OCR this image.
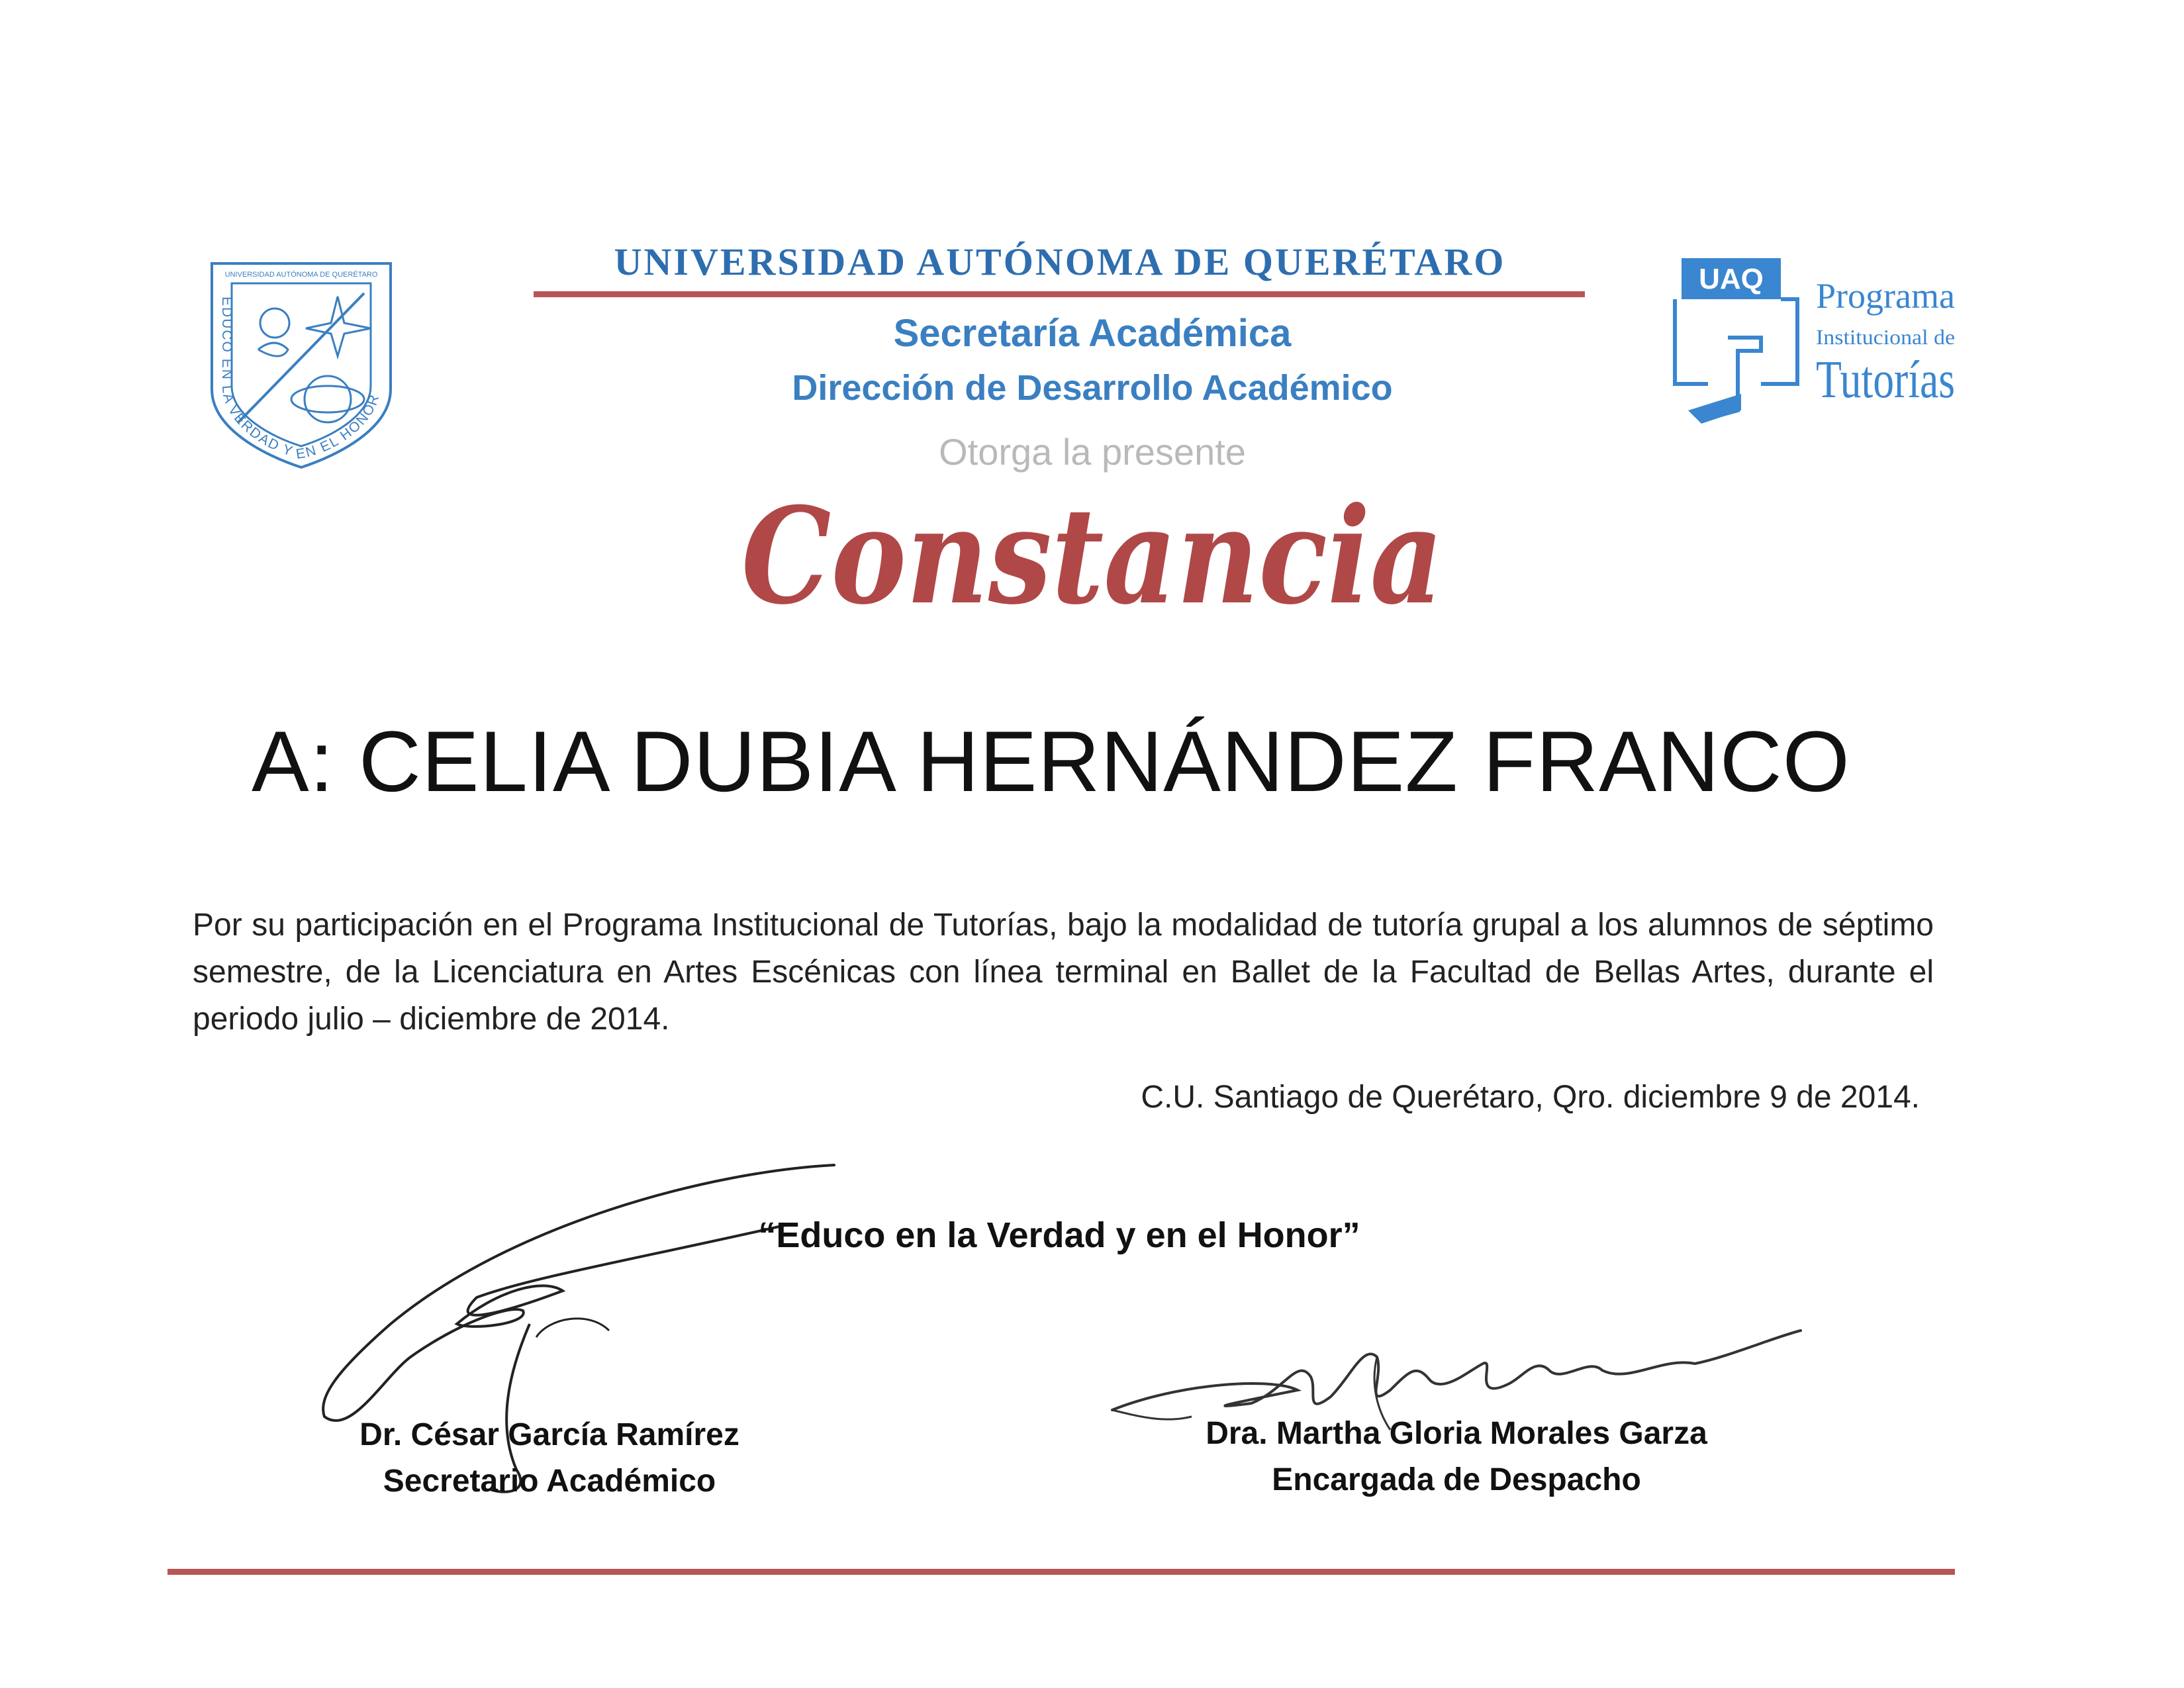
UNIVERSIDAD AUTÓNOMA DE QUERÉTARO
EDUCO EN LA VERDAD Y EN EL HONOR
UNIVERSIDAD AUTÓNOMA DE QUERÉTARO
Secretaría Académica
Dirección de Desarrollo Académico
Otorga la presente
UAQ Programa
Institucional de
Tutorías
Constancia
A: CELIA DUBIA HERNÁNDEZ FRANCO
Por su participación en el Programa Institucional de Tutorías, bajo la modalidad de tutoría grupal a los alumnos de séptimo semestre, de la Licenciatura en Artes Escénicas con línea terminal en Ballet de la Facultad de Bellas Artes, durante el periodo julio – diciembre de 2014.
C.U. Santiago de Querétaro, Qro. diciembre 9 de 2014.
“Educo en la Verdad y en el Honor”
Dr. César García Ramírez
Secretario Académico
Dra. Martha Gloria Morales Garza
Encargada de Despacho
